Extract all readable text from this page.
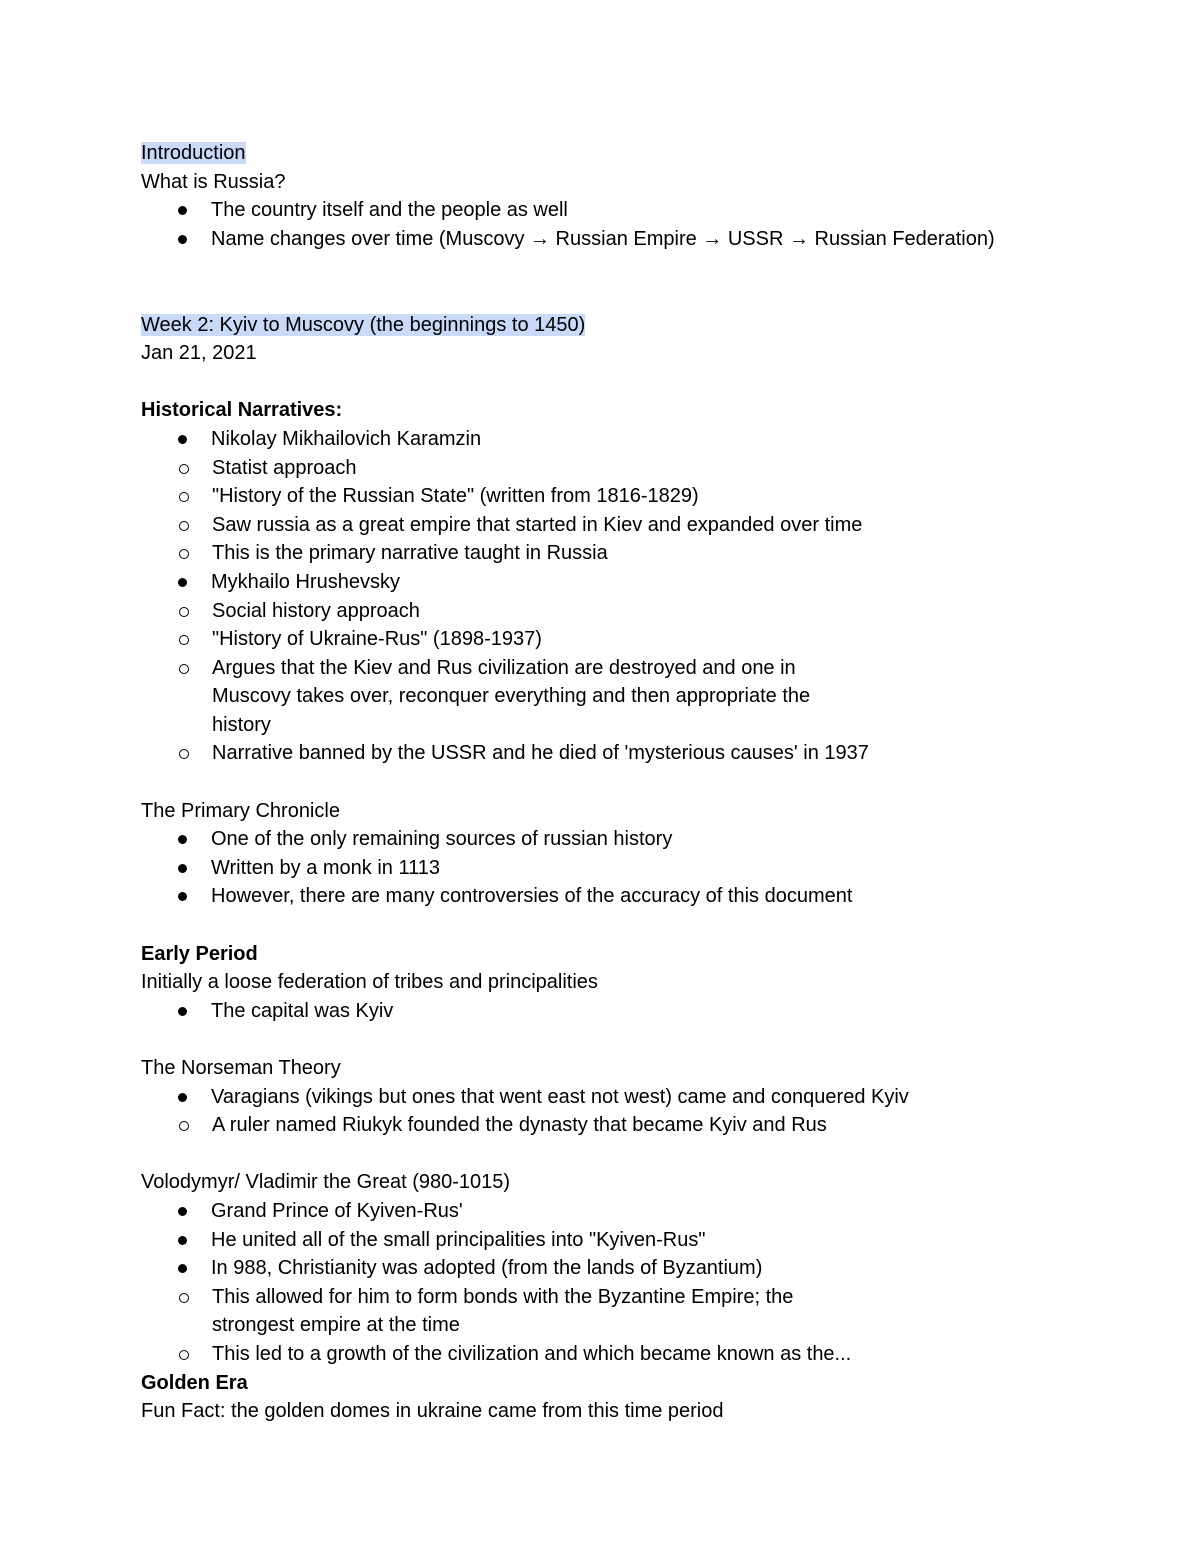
Introduction
What is Russia?
The country itself and the people as well
Name changes over time (Muscovy → Russian Empire → USSR → Russian Federation)
Week 2: Kyiv to Muscovy (the beginnings to 1450)
Jan 21, 2021
Historical Narratives:
Nikolay Mikhailovich Karamzin
Statist approach
"History of the Russian State" (written from 1816-1829)
Saw russia as a great empire that started in Kiev and expanded over time
This is the primary narrative taught in Russia
Mykhailo Hrushevsky
Social history approach
"History of Ukraine-Rus" (1898-1937)
Argues that the Kiev and Rus civilization are destroyed and one in Muscovy takes over, reconquer everything and then appropriate the history
Narrative banned by the USSR and he died of 'mysterious causes' in 1937
The Primary Chronicle
One of the only remaining sources of russian history
Written by a monk in 1113
However, there are many controversies of the accuracy of this document
Early Period
Initially a loose federation of tribes and principalities
The capital was Kyiv
The Norseman Theory
Varagians (vikings but ones that went east not west) came and conquered Kyiv
A ruler named Riukyk founded the dynasty that became Kyiv and Rus
Volodymyr/ Vladimir the Great (980-1015)
Grand Prince of Kyiven-Rus'
He united all of the small principalities into "Kyiven-Rus"
In 988, Christianity was adopted (from the lands of Byzantium)
This allowed for him to form bonds with the Byzantine Empire; the strongest empire at the time
This led to a growth of the civilization and which became known as the...
Golden Era
Fun Fact: the golden domes in ukraine came from this time period
